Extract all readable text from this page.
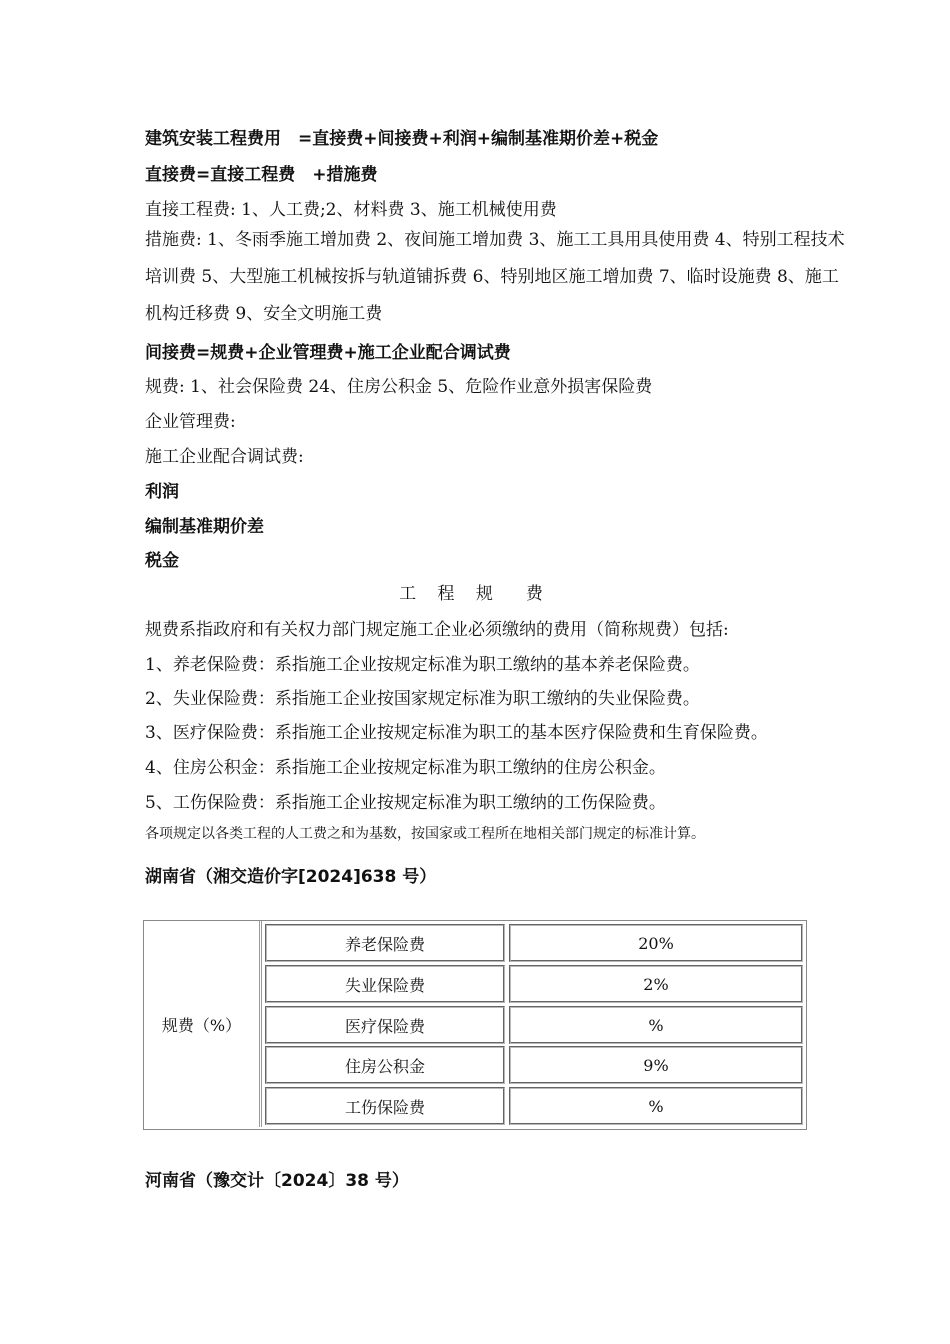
建筑安装工程费用　=直接费+间接费+利润+编制基准期价差+税金
直接费=直接工程费　+措施费
直接工程费: 1、人工费;2、材料费 3、施工机械使用费
措施费: 1、冬雨季施工增加费 2、夜间施工增加费 3、施工工具用具使用费 4、特别工程技术培训费 5、大型施工机械按拆与轨道铺拆费 6、特别地区施工增加费 7、临时设施费 8、施工机构迁移费 9、安全文明施工费
间接费=规费+企业管理费+施工企业配合调试费
规费: 1、社会保险费 24、住房公积金 5、危险作业意外损害保险费
企业管理费:
施工企业配合调试费:
利润
编制基准期价差
税金
工 程 规　费
规费系指政府和有关权力部门规定施工企业必须缴纳的费用（简称规费）包括:
1、养老保险费：系指施工企业按规定标准为职工缴纳的基本养老保险费。
2、失业保险费：系指施工企业按国家规定标准为职工缴纳的失业保险费。
3、医疗保险费：系指施工企业按规定标准为职工的基本医疗保险费和生育保险费。
4、住房公积金：系指施工企业按规定标准为职工缴纳的住房公积金。
5、工伤保险费：系指施工企业按规定标准为职工缴纳的工伤保险费。
各项规定以各类工程的人工费之和为基数，按国家或工程所在地相关部门规定的标准计算。
湖南省（湘交造价字[2024]638 号）
规费（%）
养老保险费	20%
失业保险费	2%
医疗保险费	%
住房公积金	9%
工伤保险费	%
河南省（豫交计〔2024〕38 号）
